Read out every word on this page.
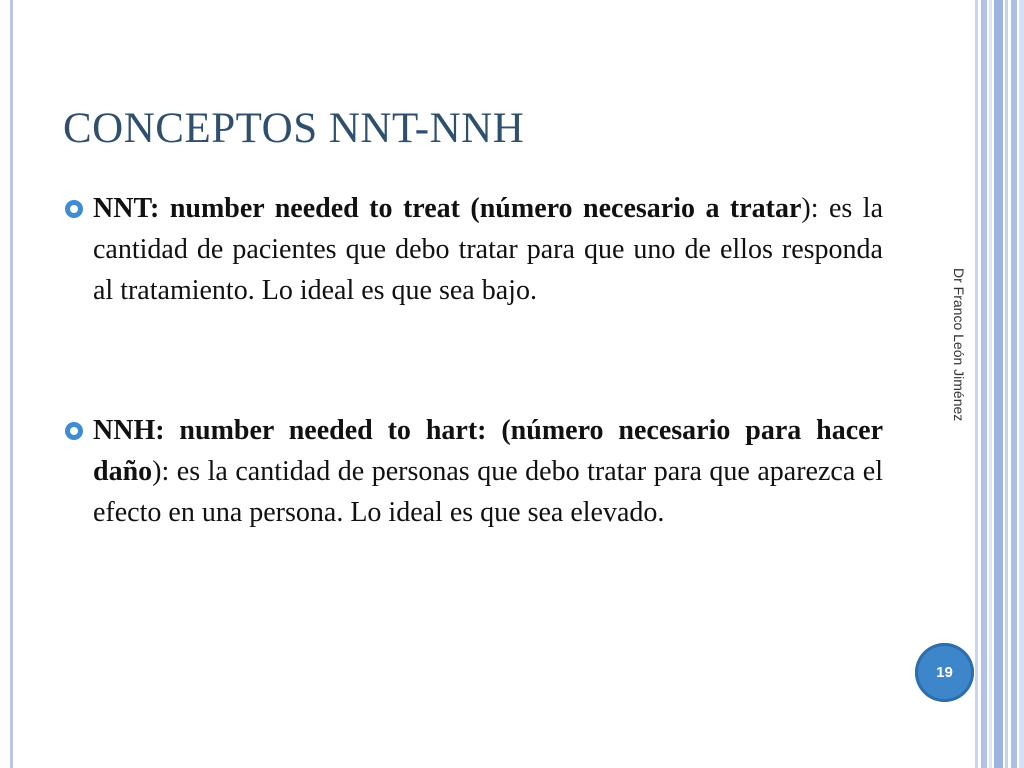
CONCEPTOS NNT-NNH

NNT: number needed to treat (número necesario a tratar): es la cantidad de pacientes que debo tratar para que uno de ellos responda al tratamiento. Lo ideal es que sea bajo.

NNH: number needed to hart: (número necesario para hacer daño): es la cantidad de personas que debo tratar para que aparezca el efecto en una persona. Lo ideal es que sea elevado.

Dr Franco León Jiménez
19
